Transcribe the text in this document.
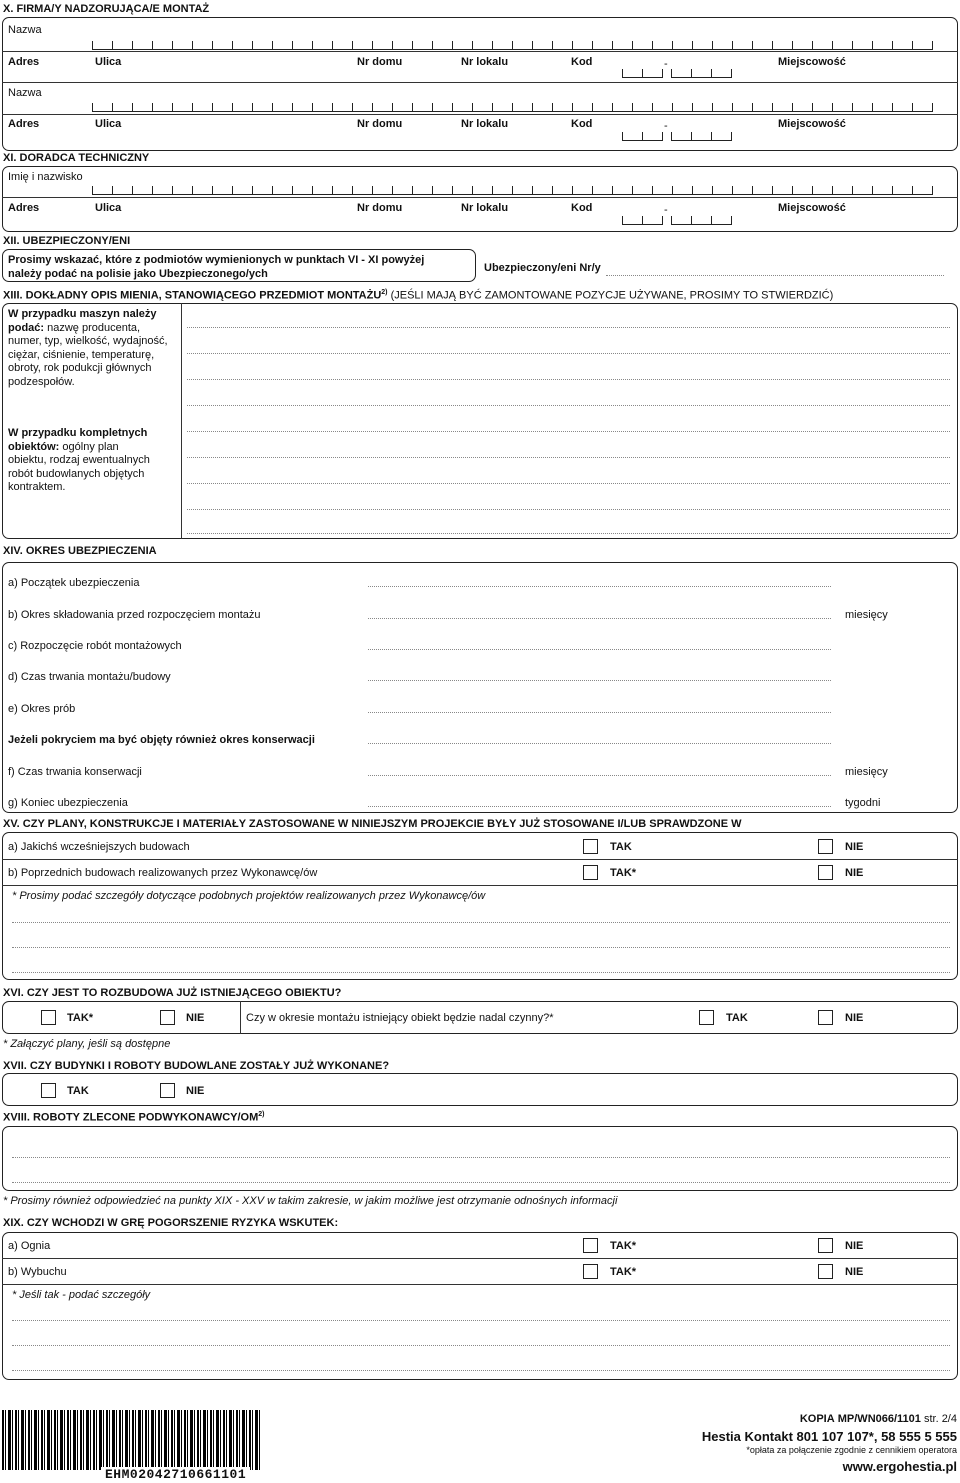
X. FIRMA/Y NADZORUJĄCA/E MONTAŻ
Nazwa
Adres	Ulica	Nr domu	Nr lokalu	Kod	-	Miejscowość
Nazwa
Adres	Ulica	Nr domu	Nr lokalu	Kod	-	Miejscowość
XI. DORADCA TECHNICZNY
Imię i nazwisko
Adres	Ulica	Nr domu	Nr lokalu	Kod	-	Miejscowość
XII. UBEZPIECZONY/ENI
Prosimy wskazać, które z podmiotów wymienionych w punktach VI - XI powyżej
należy podać na polisie jako Ubezpieczonego/ych	Ubezpieczony/eni Nr/y
XIII. DOKŁADNY OPIS MIENIA, STANOWIĄCEGO PRZEDMIOT MONTAŻU$^{2)}$ (JEŚLI MAJĄ BYĆ ZAMONTOWANE POZYCJE UŻYWANE, PROSIMY TO STWIERDZIĆ)
W przypadku maszyn należy
podać: nazwę producenta,
numer, typ, wielkość, wydajność,
ciężar, ciśnienie, temperaturę,
obroty, rok podukcji głównych
podzespołów.
W przypadku kompletnych
obiektów: ogólny plan
obiektu, rodzaj ewentualnych
robót budowlanych objętych
kontraktem.
XIV. OKRES UBEZPIECZENIA
a) Początek ubezpieczenia
b) Okres składowania przed rozpoczęciem montażu	miesięcy
c) Rozpoczęcie robót montażowych
d) Czas trwania montażu/budowy
e) Okres prób
Jeżeli pokryciem ma być objęty również okres konserwacji
f) Czas trwania konserwacji	miesięcy
g) Koniec ubezpieczenia	tygodni
XV. CZY PLANY, KONSTRUKCJE I MATERIAŁY ZASTOSOWANE W NINIEJSZYM PROJEKCIE BYŁY JUŻ STOSOWANE I/LUB SPRAWDZONE W
a) Jakichś wcześniejszych budowach	TAK	NIE
b) Poprzednich budowach realizowanych przez Wykonawcę/ów	TAK*	NIE
* Prosimy podać szczegóły dotyczące podobnych projektów realizowanych przez Wykonawcę/ów
XVI. CZY JEST TO ROZBUDOWA JUŻ ISTNIEJĄCEGO OBIEKTU?
TAK*	NIE	Czy w okresie montażu istniejący obiekt będzie nadal czynny?*	TAK	NIE
* Załączyć plany, jeśli są dostępne
XVII. CZY BUDYNKI I ROBOTY BUDOWLANE ZOSTAŁY JUŻ WYKONANE?
TAK	NIE
XVIII. ROBOTY ZLECONE PODWYKONAWCY/OM$^{2)}$
* Prosimy również odpowiedzieć na punkty XIX - XXV w takim zakresie, w jakim możliwe jest otrzymanie odnośnych informacji
XIX. CZY WCHODZI W GRĘ POGORSZENIE RYZYKA WSKUTEK:
a) Ognia	TAK*	NIE
b) Wybuchu	TAK*	NIE
* Jeśli tak - podać szczegóły
EHM02042710661101
KOPIA MP/WN066/1101 str. 2/4
Hestia Kontakt 801 107 107*, 58 555 5 555
*opłata za połączenie zgodnie z cennikiem operatora
www.ergohestia.pl
